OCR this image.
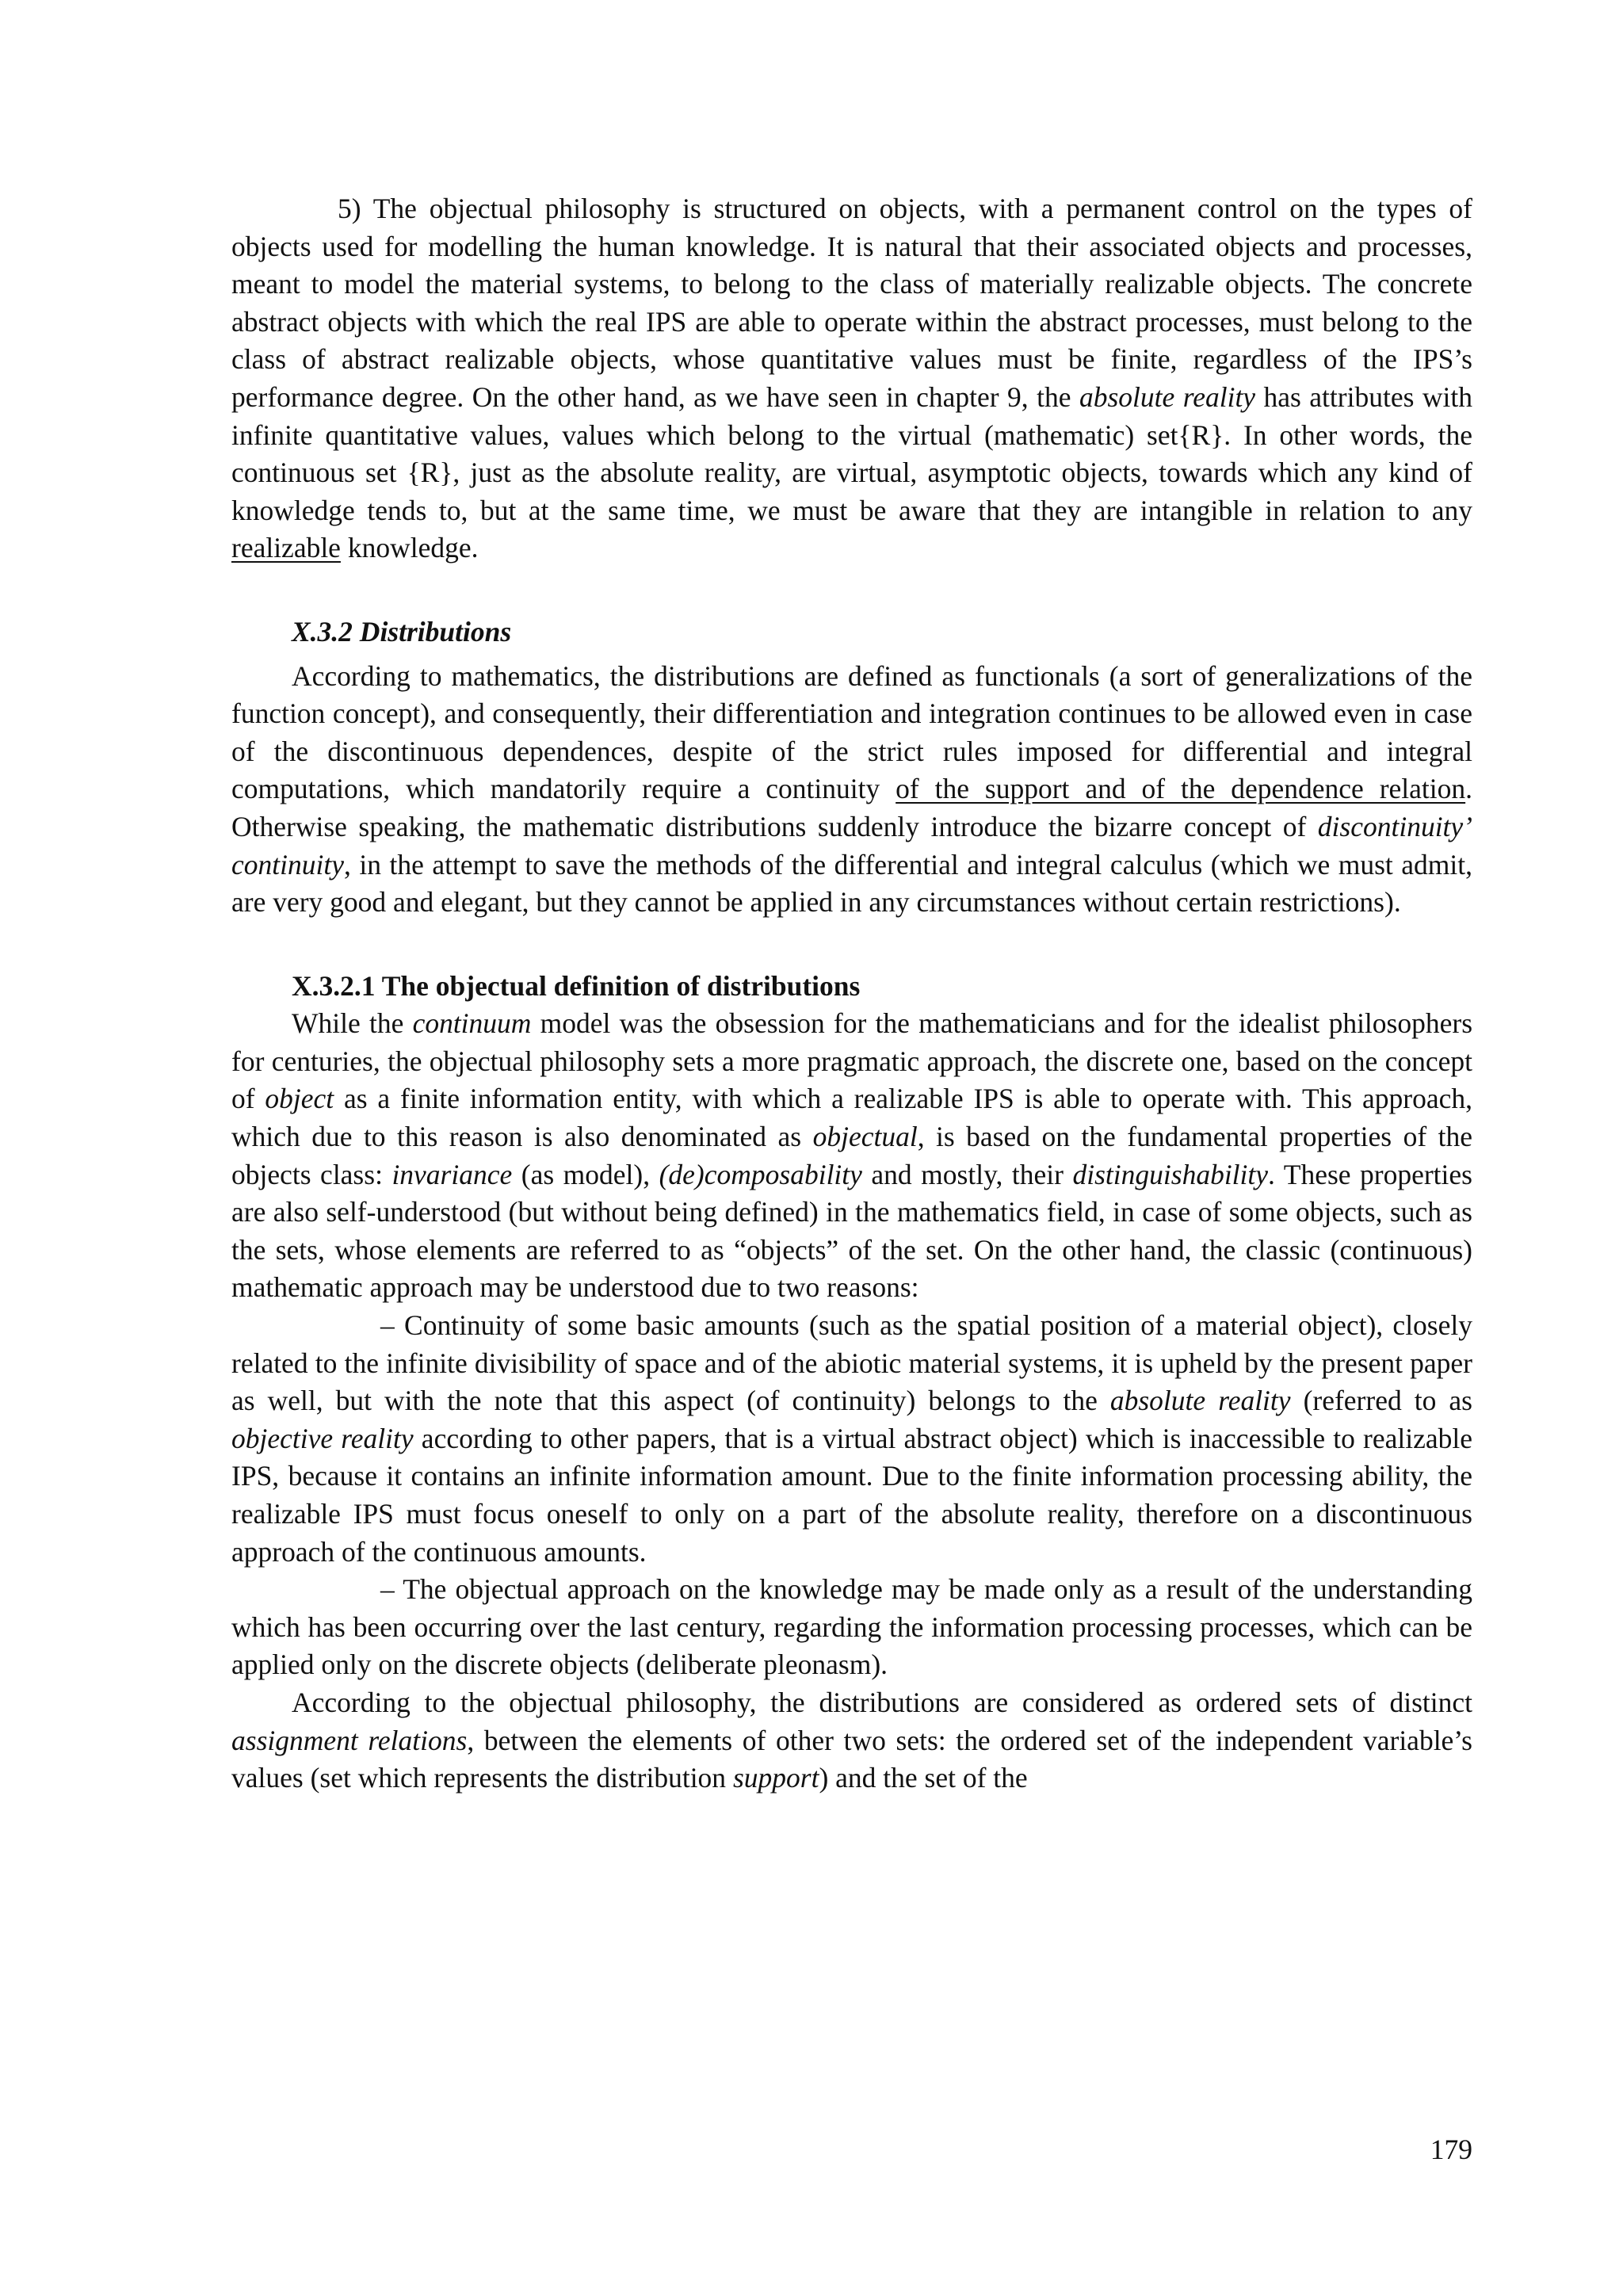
5) The objectual philosophy is structured on objects, with a permanent control on the types of objects used for modelling the human knowledge. It is natural that their associated objects and processes, meant to model the material systems, to belong to the class of materially realizable objects. The concrete abstract objects with which the real IPS are able to operate within the abstract processes, must belong to the class of abstract realizable objects, whose quantitative values must be finite, regardless of the IPS’s performance degree. On the other hand, as we have seen in chapter 9, the absolute reality has attributes with infinite quantitative values, values which belong to the virtual (mathematic) set{R}. In other words, the continuous set {R}, just as the absolute reality, are virtual, asymptotic objects, towards which any kind of knowledge tends to, but at the same time, we must be aware that they are intangible in relation to any realizable knowledge.

X.3.2 Distributions

According to mathematics, the distributions are defined as functionals (a sort of generalizations of the function concept), and consequently, their differentiation and integration continues to be allowed even in case of the discontinuous dependences, despite of the strict rules imposed for differential and integral computations, which mandatorily require a continuity of the support and of the dependence relation. Otherwise speaking, the mathematic distributions suddenly introduce the bizarre concept of discontinuity’ continuity, in the attempt to save the methods of the differential and integral calculus (which we must admit, are very good and elegant, but they cannot be applied in any circumstances without certain restrictions).

X.3.2.1 The objectual definition of distributions

While the continuum model was the obsession for the mathematicians and for the idealist philosophers for centuries, the objectual philosophy sets a more pragmatic approach, the discrete one, based on the concept of object as a finite information entity, with which a realizable IPS is able to operate with. This approach, which due to this reason is also denominated as objectual, is based on the fundamental properties of the objects class: invariance (as model), (de)composability and mostly, their distinguishability. These properties are also self-understood (but without being defined) in the mathematics field, in case of some objects, such as the sets, whose elements are referred to as “objects” of the set. On the other hand, the classic (continuous) mathematic approach may be understood due to two reasons:

– Continuity of some basic amounts (such as the spatial position of a material object), closely related to the infinite divisibility of space and of the abiotic material systems, it is upheld by the present paper as well, but with the note that this aspect (of continuity) belongs to the absolute reality (referred to as objective reality according to other papers, that is a virtual abstract object) which is inaccessible to realizable IPS, because it contains an infinite information amount. Due to the finite information processing ability, the realizable IPS must focus oneself to only on a part of the absolute reality, therefore on a discontinuous approach of the continuous amounts.

– The objectual approach on the knowledge may be made only as a result of the understanding which has been occurring over the last century, regarding the information processing processes, which can be applied only on the discrete objects (deliberate pleonasm).

According to the objectual philosophy, the distributions are considered as ordered sets of distinct assignment relations, between the elements of other two sets: the ordered set of the independent variable’s values (set which represents the distribution support) and the set of the

179
